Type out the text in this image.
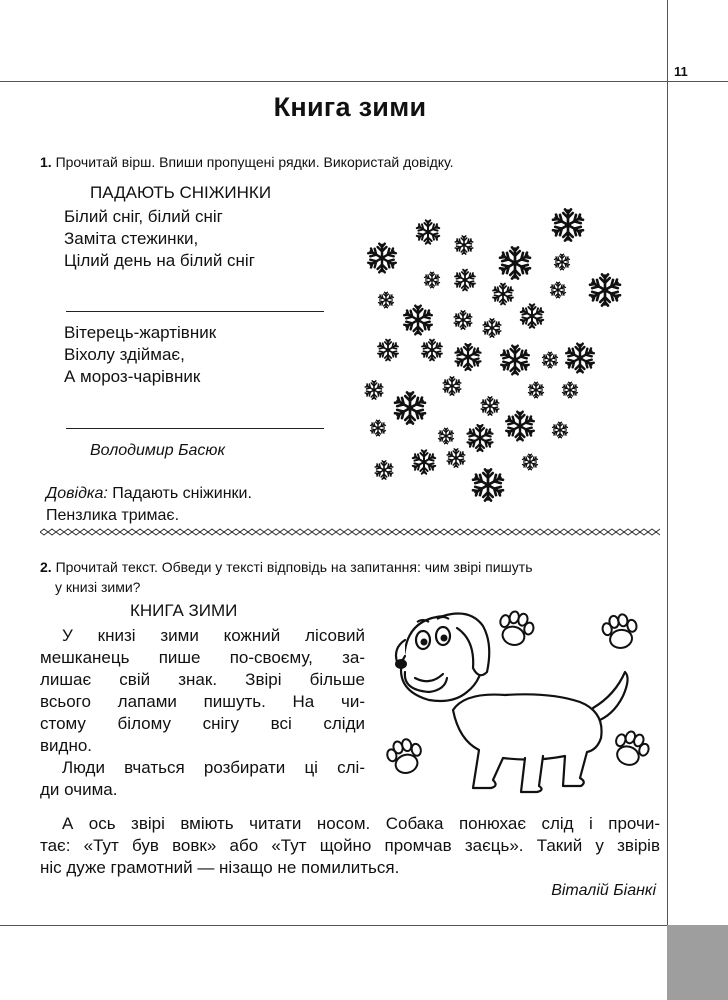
11
Книга зими
1. Прочитай вірш. Впиши пропущені рядки. Використай довідку.
ПАДАЮТЬ СНІЖИНКИ
Білий сніг, білий сніг
Заміта стежинки,
Цілий день на білий сніг
Вітерець-жартівник
Віхолу здіймає,
А мороз-чарівник
Володимир Басюк
Довідка: Падають сніжинки.
Пензлика тримає.
2. Прочитай текст. Обведи у тексті відповідь на запитання: чим звірі пишуть
у книзі зими?
КНИГА ЗИМИ

У книзі зими кожний лісовий

мешканець пише по-своєму, за-

лишає свій знак. Звірі більше

всього лапами пишуть. На чи-

стому білому снігу всі сліди

видно.

Люди вчаться розбирати ці слі-

ди очима.

А ось звірі вміють читати носом. Собака понюхає слід і прочи-

тає: «Тут був вовк» або «Тут щойно промчав заєць». Такий у звірів

ніс дуже грамотний — нізащо не помилиться.

Віталій Біанкі
